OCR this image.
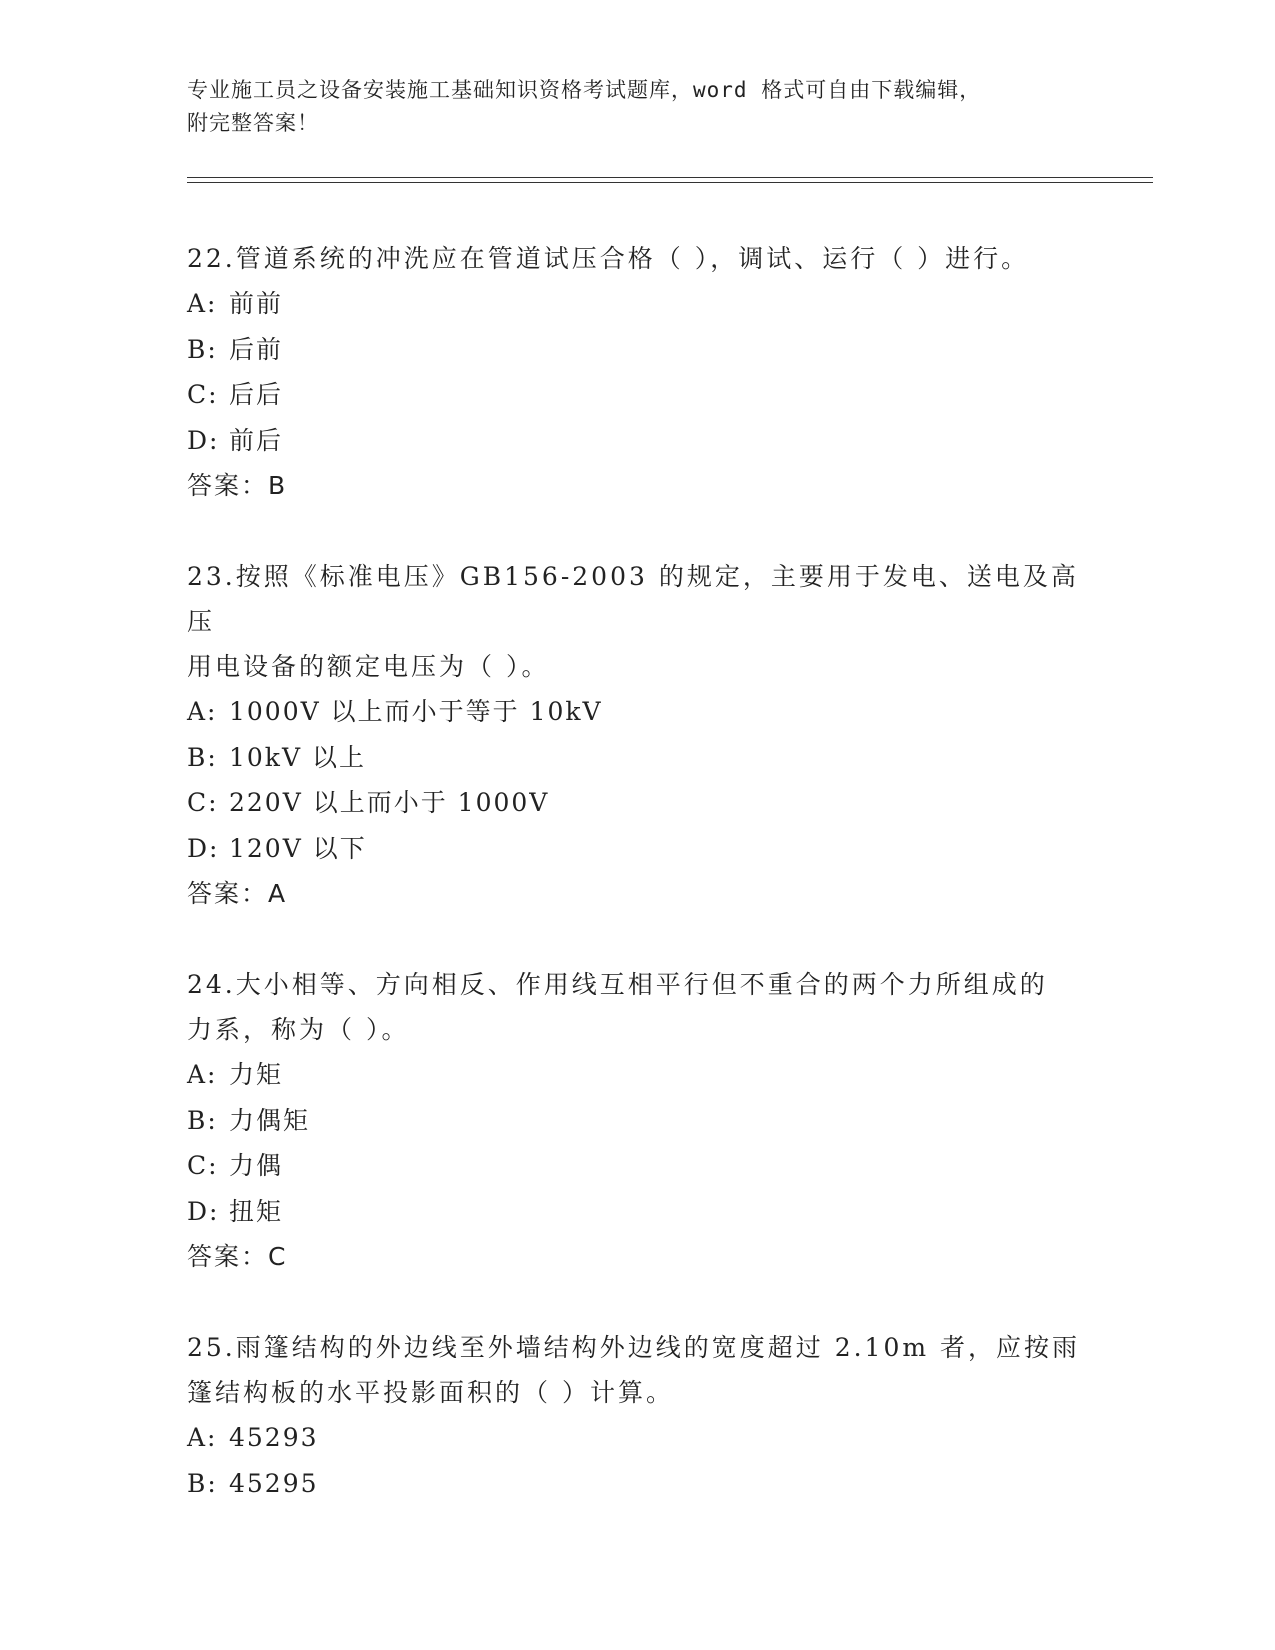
专业施工员之设备安装施工基础知识资格考试题库，word 格式可自由下载编辑，
附完整答案！

22.管道系统的冲洗应在管道试压合格（ ），调试、运行（ ）进行。

A: 前前

B: 后前

C: 后后

D: 前后

答案：B

23.按照《标准电压》GB156-2003 的规定，主要用于发电、送电及高压

用电设备的额定电压为（ ）。

A: 1000V 以上而小于等于 10kV

B: 10kV 以上

C: 220V 以上而小于 1000V

D: 120V 以下

答案：A

24.大小相等、方向相反、作用线互相平行但不重合的两个力所组成的

力系，称为（ ）。

A: 力矩

B: 力偶矩

C: 力偶

D: 扭矩

答案：C

25.雨篷结构的外边线至外墙结构外边线的宽度超过 2.10m 者，应按雨

篷结构板的水平投影面积的（ ）计算。

A: 45293

B: 45295
